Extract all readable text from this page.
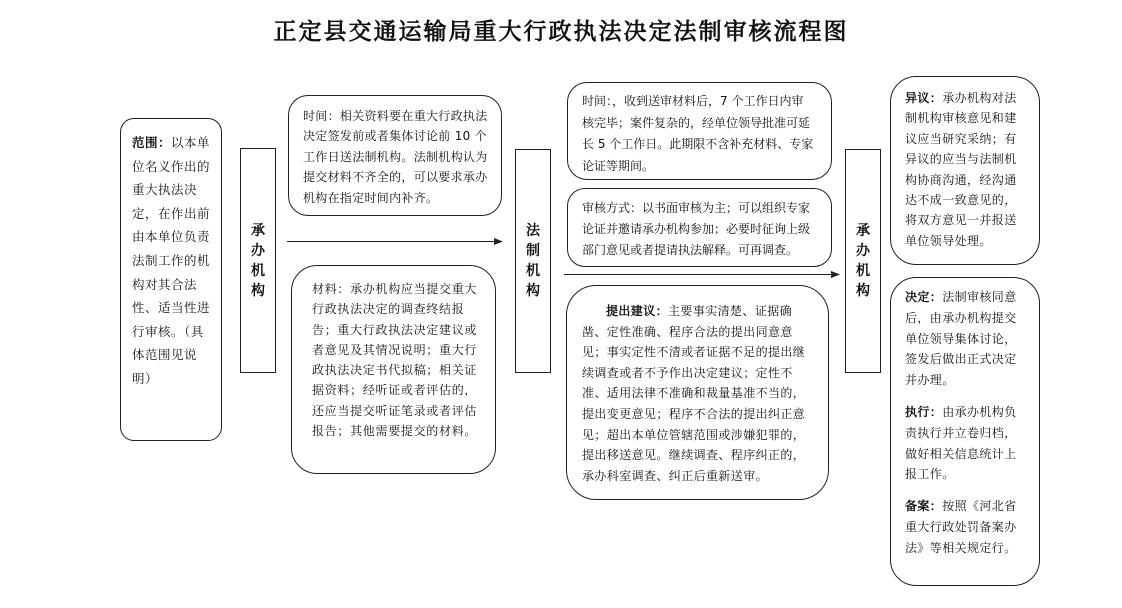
正定县交通运输局重大行政执法决定法制审核流程图
范围：以本单
位名义作出的
重大执法决
定，在作出前
由本单位负责
法制工作的机
构对其合法
性、适当性进
行审核。（具
体范围见说
明）
承办机构
时间：相关资料要在重大行政执法
决定签发前或者集体讨论前 10 个
工作日送法制机构。法制机构认为
提交材料不齐全的，可以要求承办
机构在指定时间内补齐。
材料：承办机构应当提交重大
行政执法决定的调查终结报
告；重大行政执法决定建议或
者意见及其情况说明；重大行
政执法决定书代拟稿；相关证
据资料；经听证或者评估的，
还应当提交听证笔录或者评估
报告；其他需要提交的材料。
法制机构
时间：，收到送审材料后，7 个工作日内审
核完毕；案件复杂的，经单位领导批准可延
长 5 个工作日。此期限不含补充材料、专家
论证等期间。
审核方式：以书面审核为主；可以组织专家
论证并邀请承办机构参加；必要时征询上级
部门意见或者提请执法解释。可再调查。
提出建议：主要事实清楚、证据确
凿、定性准确、程序合法的提出同意意
见；事实定性不清或者证据不足的提出继
续调查或者不予作出决定建议；定性不
准、适用法律不准确和裁量基准不当的，
提出变更意见；程序不合法的提出纠正意
见；超出本单位管辖范围或涉嫌犯罪的，
提出移送意见。继续调查、程序纠正的，
承办科室调查、纠正后重新送审。
承办机构
异议：承办机构对法
制机构审核意见和建
议应当研究采纳；有
异议的应当与法制机
构协商沟通，经沟通
达不成一致意见的，
将双方意见一并报送
单位领导处理。
决定：法制审核同意
后，由承办机构提交
单位领导集体讨论，
签发后做出正式决定
并办理。
执行：由承办机构负
责执行并立卷归档，
做好相关信息统计上
报工作。
备案：按照《河北省
重大行政处罚备案办
法》等相关规定行。
